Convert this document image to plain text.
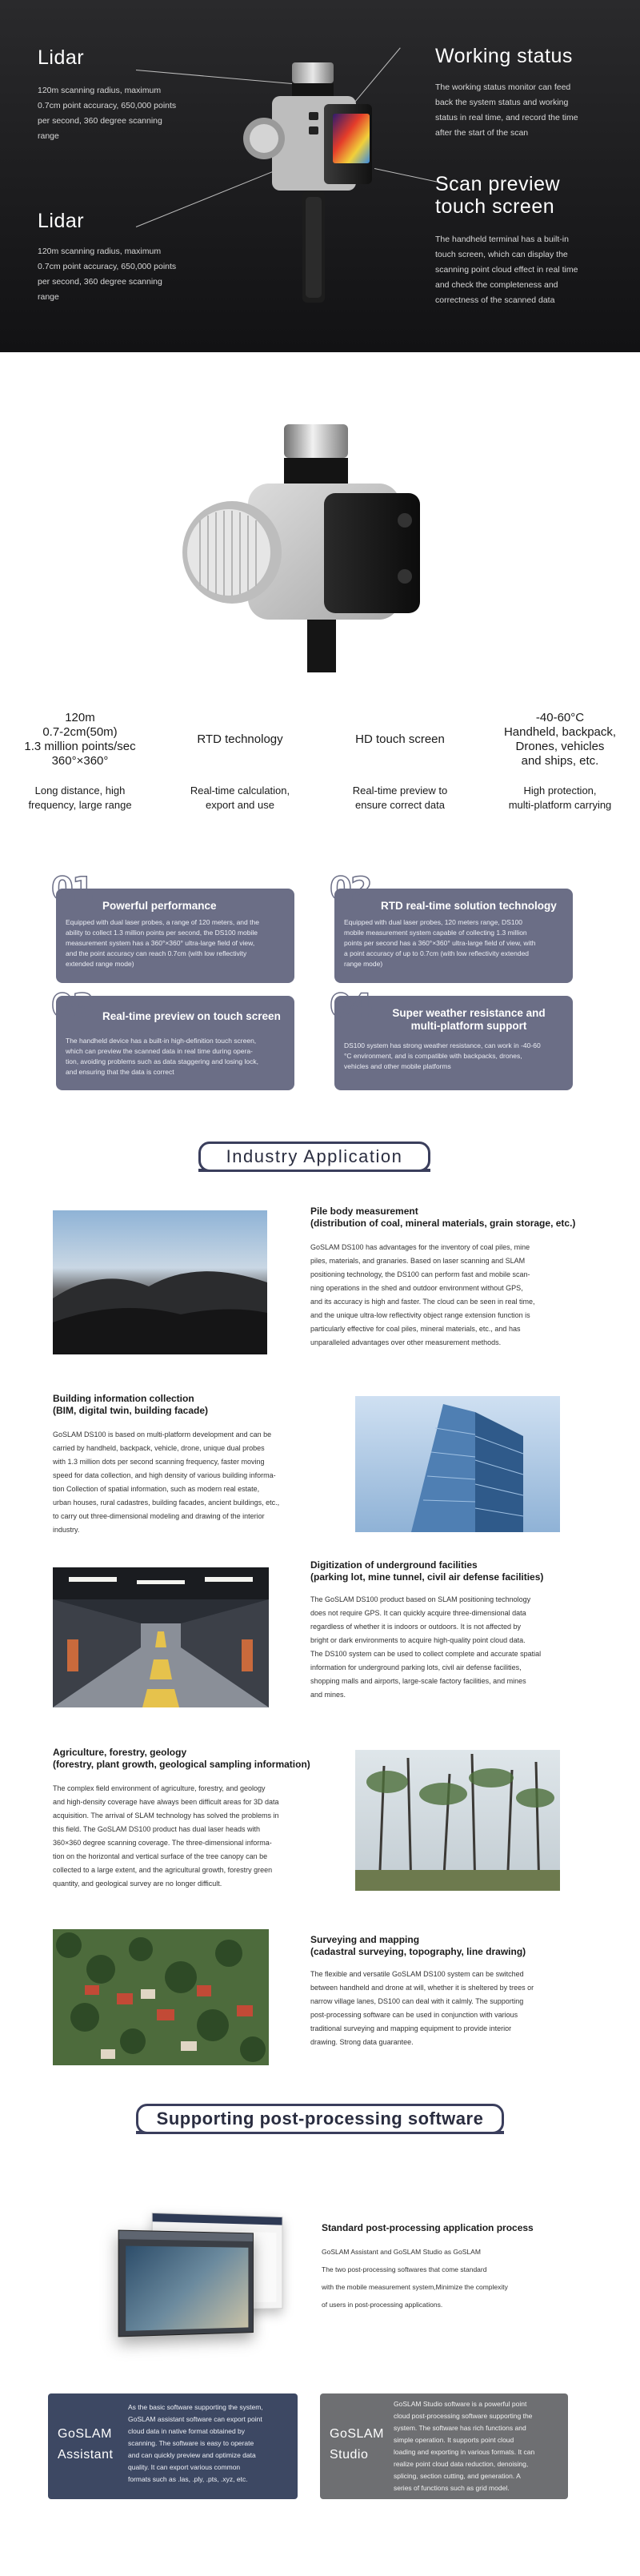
Lidar

120m scanning radius, maximum

0.7cm point accuracy, 650,000 points

per second, 360 degree scanning

range

Lidar

120m scanning radius, maximum

0.7cm point accuracy, 650,000 points

per second, 360 degree scanning

range

Working status

The working status monitor can feed

back the system status and working

status in real time, and record the time

after the start of the scan

Scan preview
touch screen

The handheld terminal has a built-in

touch screen, which can display the

scanning point cloud effect in real time

and check the completeness and

correctness of the scanned data

120m
0.7-2cm(50m)
1.3 million points/sec
360°×360°
Long distance, high
frequency, large range
RTD technology
Real-time calculation,
export and use
HD touch screen
Real-time preview to
ensure correct data
-40-60°C
Handheld, backpack,
Drones, vehicles
and ships, etc.
High protection,
multi-platform carrying
01 Powerful performance
Equipped with dual laser probes, a range of 120 meters, and the
ability to collect 1.3 million points per second, the DS100 mobile
measurement system has a 360°×360° ultra-large field of view,
and the point accuracy can reach 0.7cm (with low reflectivity
extended range mode)
02 RTD real-time solution technology
Equipped with dual laser probes, 120 meters range, DS100
mobile measurement system capable of collecting 1.3 million
points per second has a 360°×360° ultra-large field of view, with
a point accuracy of up to 0.7cm (with low reflectivity extended
range mode)
03 Real-time preview on touch screen
The handheld device has a built-in high-definition touch screen,
which can preview the scanned data in real time during opera-
tion, avoiding problems such as data staggering and losing lock,
and ensuring that the data is correct
04	Super weather resistance and
multi-platform support
DS100 system has strong weather resistance, can work in -40-60
°C environment, and is compatible with backpacks, drones,
vehicles and other mobile platforms
Industry Application
Pile body measurement
(distribution of coal, mineral materials, grain storage, etc.)
GoSLAM DS100 has advantages for the inventory of coal piles, mine
piles, materials, and granaries. Based on laser scanning and SLAM
positioning technology, the DS100 can perform fast and mobile scan-
ning operations in the shed and outdoor environment without GPS,
and its accuracy is high and faster. The cloud can be seen in real time,
and the unique ultra-low reflectivity object range extension function is
particularly effective for coal piles, mineral materials, etc., and has
unparalleled advantages over other measurement methods.
Building information collection
(BIM, digital twin, building facade)
GoSLAM DS100 is based on multi-platform development and can be
carried by handheld, backpack, vehicle, drone, unique dual probes
with 1.3 million dots per second scanning frequency, faster moving
speed for data collection, and high density of various building informa-
tion Collection of spatial information, such as modern real estate,
urban houses, rural cadastres, building facades, ancient buildings, etc.,
to carry out three-dimensional modeling and drawing of the interior
industry.
Digitization of underground facilities
(parking lot, mine tunnel, civil air defense facilities)
The GoSLAM DS100 product based on SLAM positioning technology
does not require GPS. It can quickly acquire three-dimensional data
regardless of whether it is indoors or outdoors. It is not affected by
bright or dark environments to acquire high-quality point cloud data.
The DS100 system can be used to collect complete and accurate spatial
information for underground parking lots, civil air defense facilities,
shopping malls and airports, large-scale factory facilities, and mines
and mines.
Agriculture, forestry, geology
(forestry, plant growth, geological sampling information)
The complex field environment of agriculture, forestry, and geology
and high-density coverage have always been difficult areas for 3D data
acquisition. The arrival of SLAM technology has solved the problems in
this field. The GoSLAM DS100 product has dual laser heads with
360×360 degree scanning coverage. The three-dimensional informa-
tion on the horizontal and vertical surface of the tree canopy can be
collected to a large extent, and the agricultural growth, forestry green
quantity, and geological survey are no longer difficult.
Surveying and mapping
(cadastral surveying, topography, line drawing)
The flexible and versatile GoSLAM DS100 system can be switched
between handheld and drone at will, whether it is sheltered by trees or
narrow village lanes, DS100 can deal with it calmly. The supporting
post-processing software can be used in conjunction with various
traditional surveying and mapping equipment to provide interior
drawing. Strong data guarantee.
Supporting post-processing software
Standard post-processing application process
GoSLAM Assistant and GoSLAM Studio as GoSLAM
The two post-processing softwares that come standard
with the mobile measurement system,Minimize the complexity
of users in post-processing applications.
GoSLAM
Assistant
As the basic software supporting the system,
GoSLAM assistant software can export point
cloud data in native format obtained by
scanning. The software is easy to operate
and can quickly preview and optimize data
quality. It can export various common
formats such as .las, .ply, .pts, .xyz, etc.
GoSLAM
Studio
GoSLAM Studio software is a powerful point
cloud post-processing software supporting the
system. The software has rich functions and
simple operation. It supports point cloud
loading and exporting in various formats. It can
realize point cloud data reduction, denoising,
splicing, section cutting, and generation. A
series of functions such as grid model.
